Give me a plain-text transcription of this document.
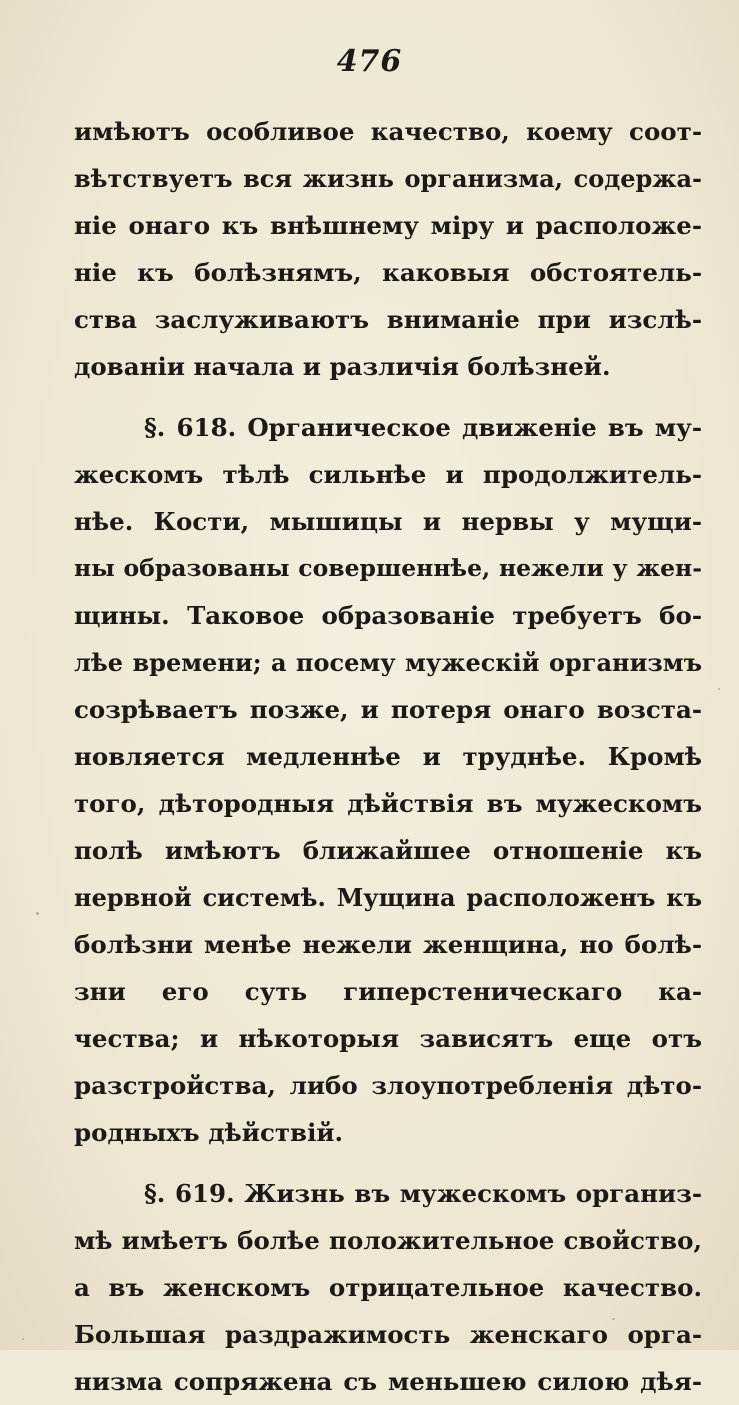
476
имѣютъ особливое качество, коему соот-
вѣтствуетъ вся жизнь организма, содержа-
ніе онаго къ внѣшнему міру и расположе-
ніе къ болѣзнямъ, каковыя обстоятель-
ства заслуживаютъ вниманіе при изслѣ-
дованіи начала и различія болѣзней.
§. 618. Органическое движеніе въ му-
жескомъ тѣлѣ сильнѣе и продолжитель-
нѣе. Кости, мышицы и нервы у мущи-
ны образованы совершеннѣе, нежели у жен-
щины. Таковое образованіе требуетъ бо-
лѣе времени; а посему мужескій организмъ
созрѣваетъ позже, и потеря онаго возста-
новляется медленнѣе и труднѣе. Кромѣ
того, дѣтородныя дѣйствія въ мужескомъ
полѣ имѣютъ ближайшее отношеніе къ
нервной системѣ. Мущина расположенъ къ
болѣзни менѣе нежели женщина, но болѣ-
зни его суть гиперстеническаго ка-
чества; и нѣкоторыя зависятъ еще отъ
разстройства, либо злоупотребленія дѣто-
родныхъ дѣйствій.
§. 619. Жизнь въ мужескомъ организ-
мѣ имѣетъ болѣе положительное свойство,
а въ женскомъ отрицательное качество.
Большая раздражимость женскаго орга-
низма сопряжена съ меньшею силою дѣя-
